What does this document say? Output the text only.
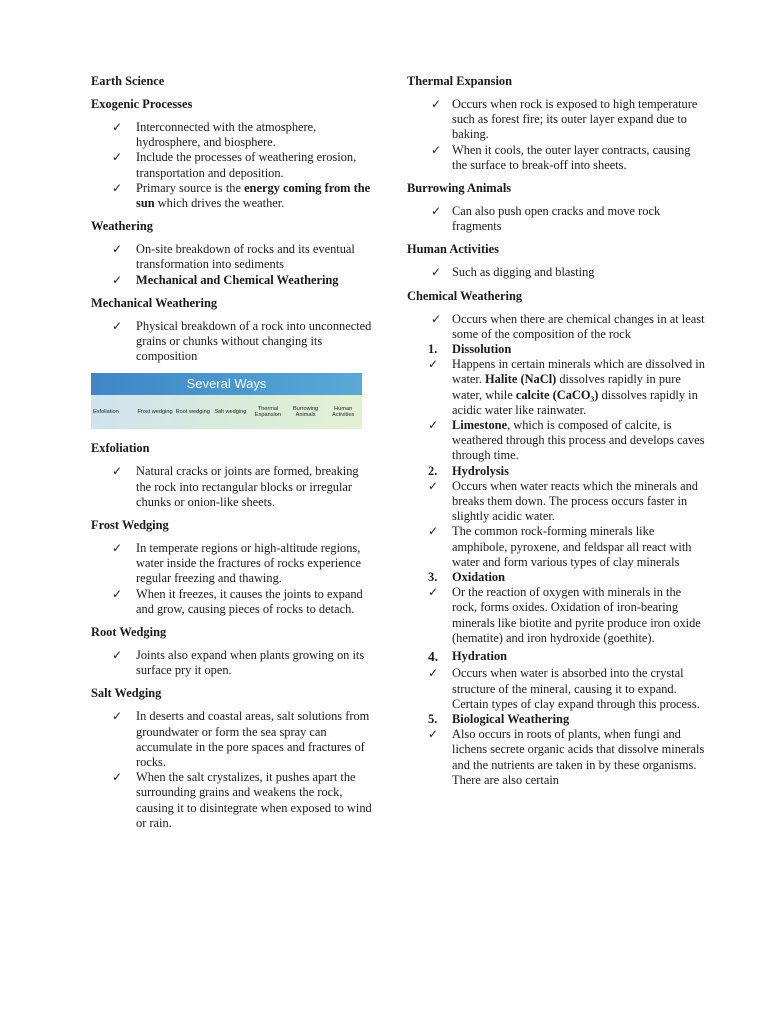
Earth Science
Exogenic Processes
✓ Interconnected with the atmosphere, hydrosphere, and biosphere.
✓ Include the processes of weathering erosion, transportation and deposition.
✓ Primary source is the energy coming from the sun which drives the weather.
Weathering
✓ On-site breakdown of rocks and its eventual transformation into sediments
✓ Mechanical and Chemical Weathering
Mechanical Weathering
✓ Physical breakdown of a rock into unconnected grains or chunks without changing its composition
Several Ways
Exfoliation	Frost wedging Root wedging Salt wedging
Thermal Expansion
Burrowing Animals
Human Activities
Exfoliation
✓ Natural cracks or joints are formed, breaking the rock into rectangular blocks or irregular chunks or onion-like sheets.
Frost Wedging
✓ In temperate regions or high-altitude regions, water inside the fractures of rocks experience regular freezing and thawing.
✓ When it freezes, it causes the joints to expand and grow, causing pieces of rocks to detach.
Root Wedging
✓ Joints also expand when plants growing on its surface pry it open.
Salt Wedging
✓ In deserts and coastal areas, salt solutions from groundwater or form the sea spray can accumulate in the pore spaces and fractures of rocks.
✓ When the salt crystalizes, it pushes apart the surrounding grains and weakens the rock, causing it to disintegrate when exposed to wind or rain.
Thermal Expansion
✓ Occurs when rock is exposed to high temperature such as forest fire; its outer layer expand due to baking.
✓ When it cools, the outer layer contracts, causing the surface to break-off into sheets.
Burrowing Animals
✓ Can also push open cracks and move rock fragments
Human Activities
✓ Such as digging and blasting
Chemical Weathering
✓ Occurs when there are chemical changes in at least some of the composition of the rock
1. Dissolution
✓ Happens in certain minerals which are dissolved in water. Halite (NaCl) dissolves rapidly in pure water, while calcite (CaCO₃) dissolves rapidly in acidic water like rainwater.
✓ Limestone, which is composed of calcite, is weathered through this process and develops caves through time.
2. Hydrolysis
✓ Occurs when water reacts which the minerals and breaks them down. The process occurs faster in slightly acidic water.
✓ The common rock-forming minerals like amphibole, pyroxene, and feldspar all react with water and form various types of clay minerals
3. Oxidation
✓ Or the reaction of oxygen with minerals in the rock, forms oxides. Oxidation of iron-bearing minerals like biotite and pyrite produce iron oxide (hematite) and iron hydroxide (goethite).
4. Hydration
✓ Occurs when water is absorbed into the crystal structure of the mineral, causing it to expand. Certain types of clay expand through this process.
5. Biological Weathering
✓ Also occurs in roots of plants, when fungi and lichens secrete organic acids that dissolve minerals and the nutrients are taken in by these organisms. There are also certain
